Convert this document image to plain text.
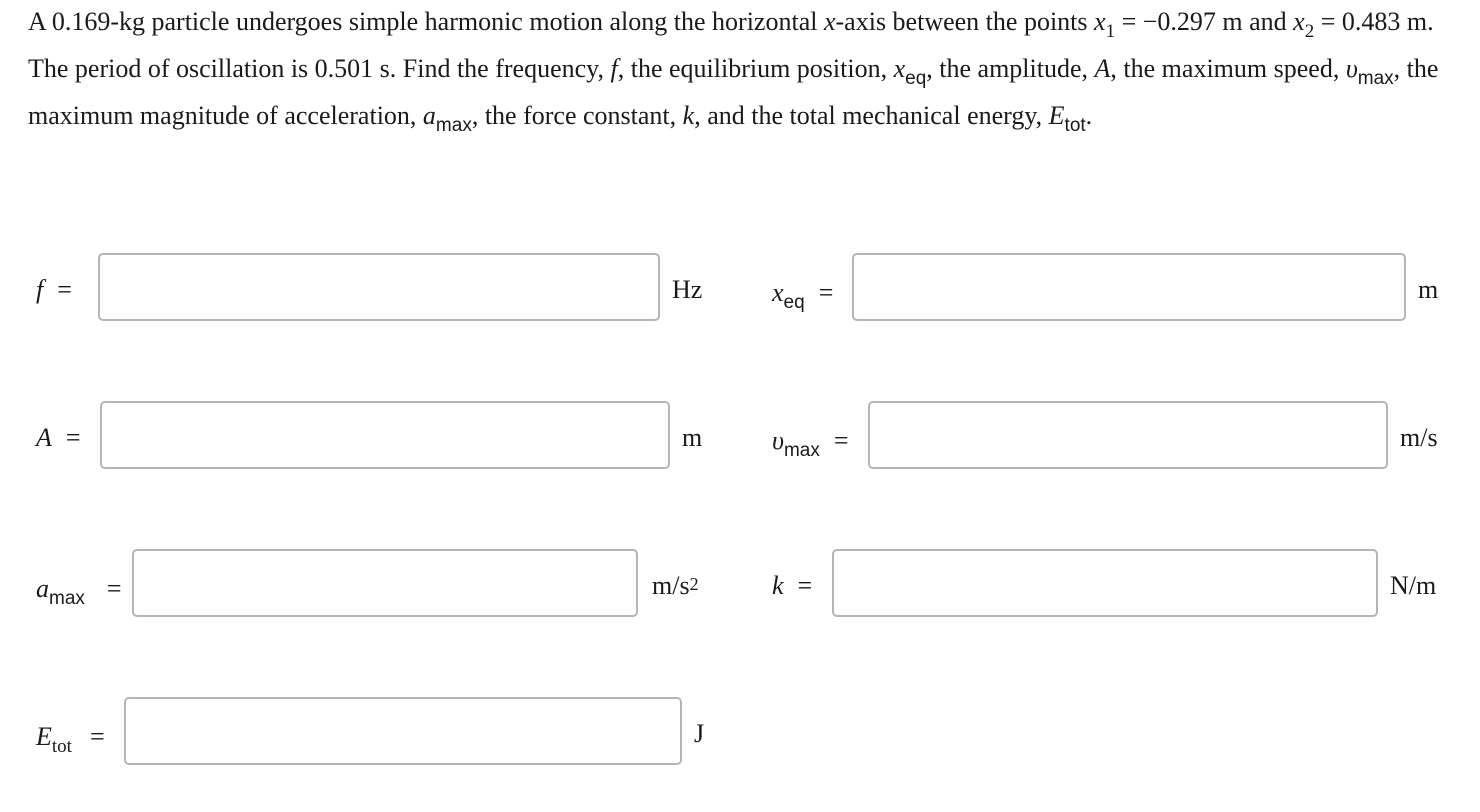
A 0.169-kg particle undergoes simple harmonic motion along the horizontal x-axis between the points $x_1 = -0.297$ m and $x_2 = 0.483$ m. The period of oscillation is 0.501 s. Find the frequency, f, the equilibrium position, $x_{eq}$, the amplitude, A, the maximum speed, $\upsilon_{max}$, the maximum magnitude of acceleration, $a_{max}$, the force constant, k, and the total mechanical energy, $E_{tot}$.

f =	Hz	$x_{eq}$ =	m
A =	m	$\upsilon_{max}$ =	m/s
$a_{max}$ =	$m/s^2$	k =	N/m
$E_{tot}$ =	J
